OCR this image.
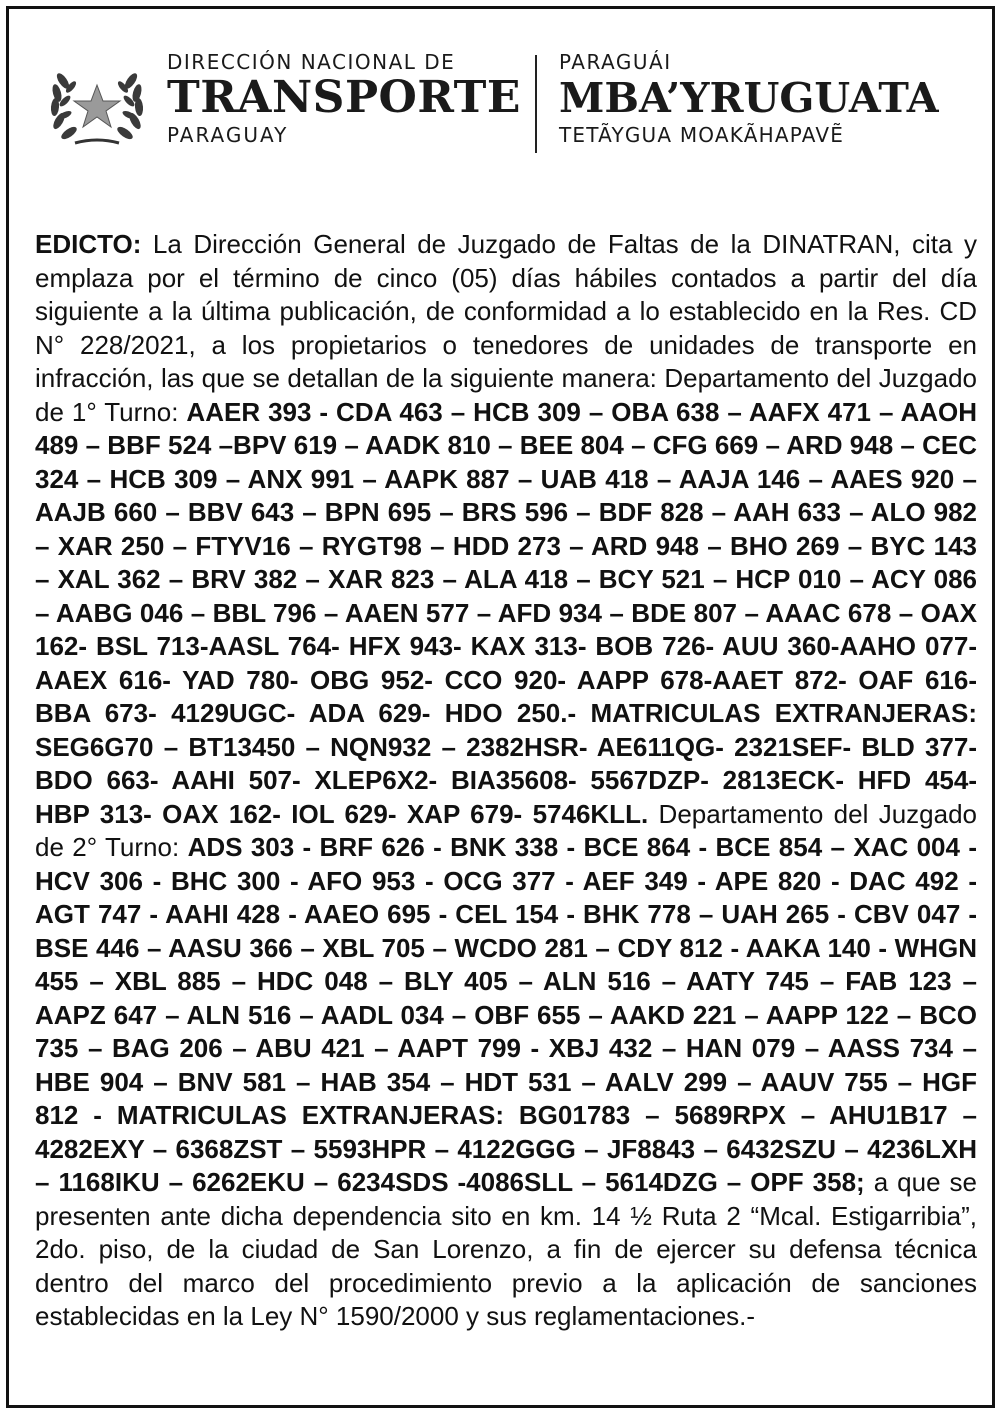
DIRECCIÓN NACIONAL DE
TRANSPORTE
PARAGUAY
PARAGUÁI
MBA’YRUGUATA
TETÃYGUA MOAKÃHAPAVẼ

EDICTO: La Dirección General de Juzgado de Faltas de la DINATRAN, cita y emplaza por el término de cinco (05) días hábiles contados a partir del día siguiente a la última publicación, de conformidad a lo establecido en la Res. CD N° 228/2021, a los propietarios o tenedores de unidades de transporte en infracción, las que se detallan de la siguiente manera: Departamento del Juzgado de 1° Turno: AAER 393 - CDA 463 – HCB 309 – OBA 638 – AAFX 471 – AAOH 489 – BBF 524 –BPV 619 – AADK 810 – BEE 804 – CFG 669 – ARD 948 – CEC 324 – HCB 309 – ANX 991 – AAPK 887 – UAB 418 – AAJA 146 – AAES 920 – AAJB 660 – BBV 643 – BPN 695 – BRS 596 – BDF 828 – AAH 633 – ALO 982 – XAR 250 – FTYV16 – RYGT98 – HDD 273 – ARD 948 – BHO 269 – BYC 143 – XAL 362 – BRV 382 – XAR 823 – ALA 418 – BCY 521 – HCP 010 – ACY 086 – AABG 046 – BBL 796 – AAEN 577 – AFD 934 – BDE 807 – AAAC 678 – OAX 162- BSL 713-AASL 764- HFX 943- KAX 313- BOB 726- AUU 360-AAHO 077- AAEX 616- YAD 780- OBG 952- CCO 920- AAPP 678-AAET 872- OAF 616- BBA 673- 4129UGC- ADA 629- HDO 250.- MATRICULAS EXTRANJERAS: SEG6G70 – BT13450 – NQN932 – 2382HSR- AE611QG- 2321SEF- BLD 377- BDO 663- AAHI 507- XLEP6X2- BIA35608- 5567DZP- 2813ECK- HFD 454- HBP 313- OAX 162- IOL 629- XAP 679- 5746KLL. Departamento del Juzgado de 2° Turno: ADS 303 - BRF 626 - BNK 338 - BCE 864 - BCE 854 – XAC 004 - HCV 306 - BHC 300 - AFO 953 - OCG 377 - AEF 349 - APE 820 - DAC 492 - AGT 747 - AAHI 428 - AAEO 695 - CEL 154 - BHK 778 – UAH 265 - CBV 047 - BSE 446 – AASU 366 – XBL 705 – WCDO 281 – CDY 812 - AAKA 140 - WHGN 455 – XBL 885 – HDC 048 – BLY 405 – ALN 516 – AATY 745 – FAB 123 – AAPZ 647 – ALN 516 – AADL 034 – OBF 655 – AAKD 221 – AAPP 122 – BCO 735 – BAG 206 – ABU 421 – AAPT 799 - XBJ 432 – HAN 079 – AASS 734 – HBE 904 – BNV 581 – HAB 354 – HDT 531 – AALV 299 – AAUV 755 – HGF 812 - MATRICULAS EXTRANJERAS: BG01783 – 5689RPX – AHU1B17 – 4282EXY – 6368ZST – 5593HPR – 4122GGG – JF8843 – 6432SZU – 4236LXH – 1168IKU – 6262EKU – 6234SDS -4086SLL – 5614DZG – OPF 358; a que se presenten ante dicha dependencia sito en km. 14 ½ Ruta 2 “Mcal. Estigarribia”, 2do. piso, de la ciudad de San Lorenzo, a fin de ejercer su defensa técnica dentro del marco del procedimiento previo a la aplicación de sanciones establecidas en la Ley N° 1590/2000 y sus reglamentaciones.-
